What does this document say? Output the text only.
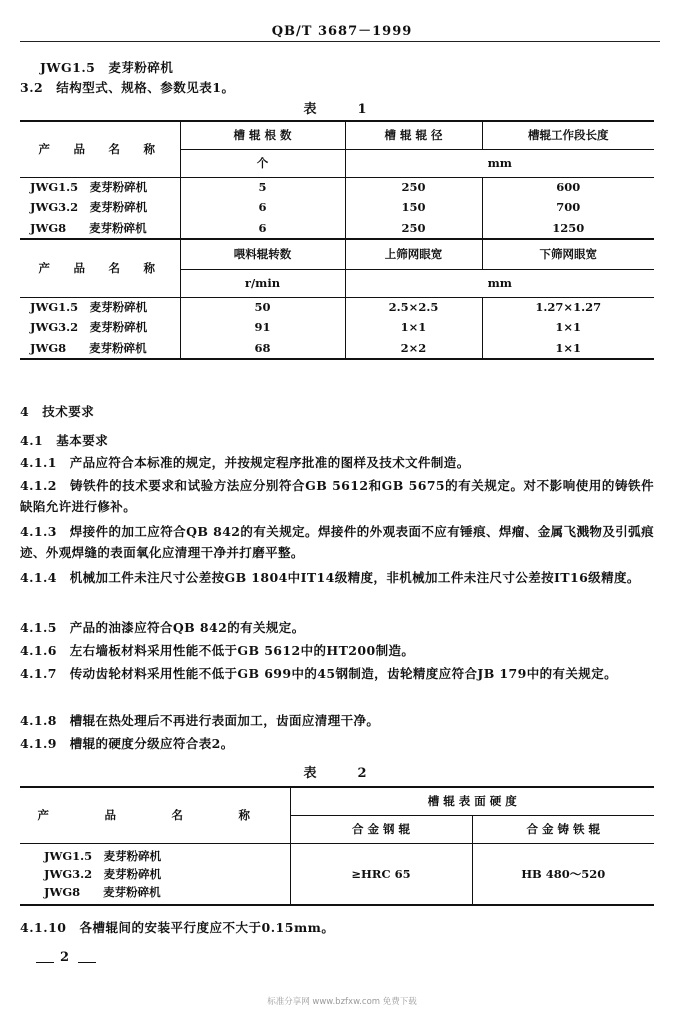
QB/T 3687－1999
JWG1.5　麦芽粉碎机
3.2　结构型式、规格、参数见表1。
表　1
产　品　名　称	槽 辊 根 数	槽 辊 辊 径	槽辊工作段长度
	个	mm	
JWG1.5　麦芽粉碎机	5	250	600
JWG3.2　麦芽粉碎机	6	150	700
JWG8　　麦芽粉碎机	6	250	1250
产　品　名　称	喂料辊转数	上筛网眼宽	下筛网眼宽
	r/min	mm	
JWG1.5　麦芽粉碎机	50	2.5×2.5	1.27×1.27
JWG3.2　麦芽粉碎机	91	1×1	1×1
JWG8　　麦芽粉碎机	68	2×2	1×1
4　技术要求
4.1　基本要求
4.1.1　产品应符合本标准的规定，并按规定程序批准的图样及技术文件制造。
4.1.2　铸铁件的技术要求和试验方法应分别符合GB 5612和GB 5675的有关规定。对不影响使用的铸铁件缺陷允许进行修补。
4.1.3　焊接件的加工应符合QB 842的有关规定。焊接件的外观表面不应有锤痕、焊瘤、金属飞溅物及引弧痕迹、外观焊缝的表面氧化应清理干净并打磨平整。
4.1.4　机械加工件未注尺寸公差按GB 1804中IT14级精度，非机械加工件未注尺寸公差按IT16级精度。
4.1.5　产品的油漆应符合QB 842的有关规定。
4.1.6　左右墙板材料采用性能不低于GB 5612中的HT200制造。
4.1.7　传动齿轮材料采用性能不低于GB 699中的45钢制造，齿轮精度应符合JB 179中的有关规定。
4.1.8　槽辊在热处理后不再进行表面加工，齿面应清理干净。
4.1.9　槽辊的硬度分级应符合表2。
表　2
产　品　名　称	槽 辊 表 面 硬 度	
	合 金 钢 辊	合 金 铸 铁 辊

JWG1.5　麦芽粉碎机
JWG3.2　麦芽粉碎机
JWG8　　麦芽粉碎机	≥HRC 65	HB 480～520
4.1.10　各槽辊间的安装平行度应不大于0.15mm。
2
标准分享网 www.bzfxw.com 免费下载
